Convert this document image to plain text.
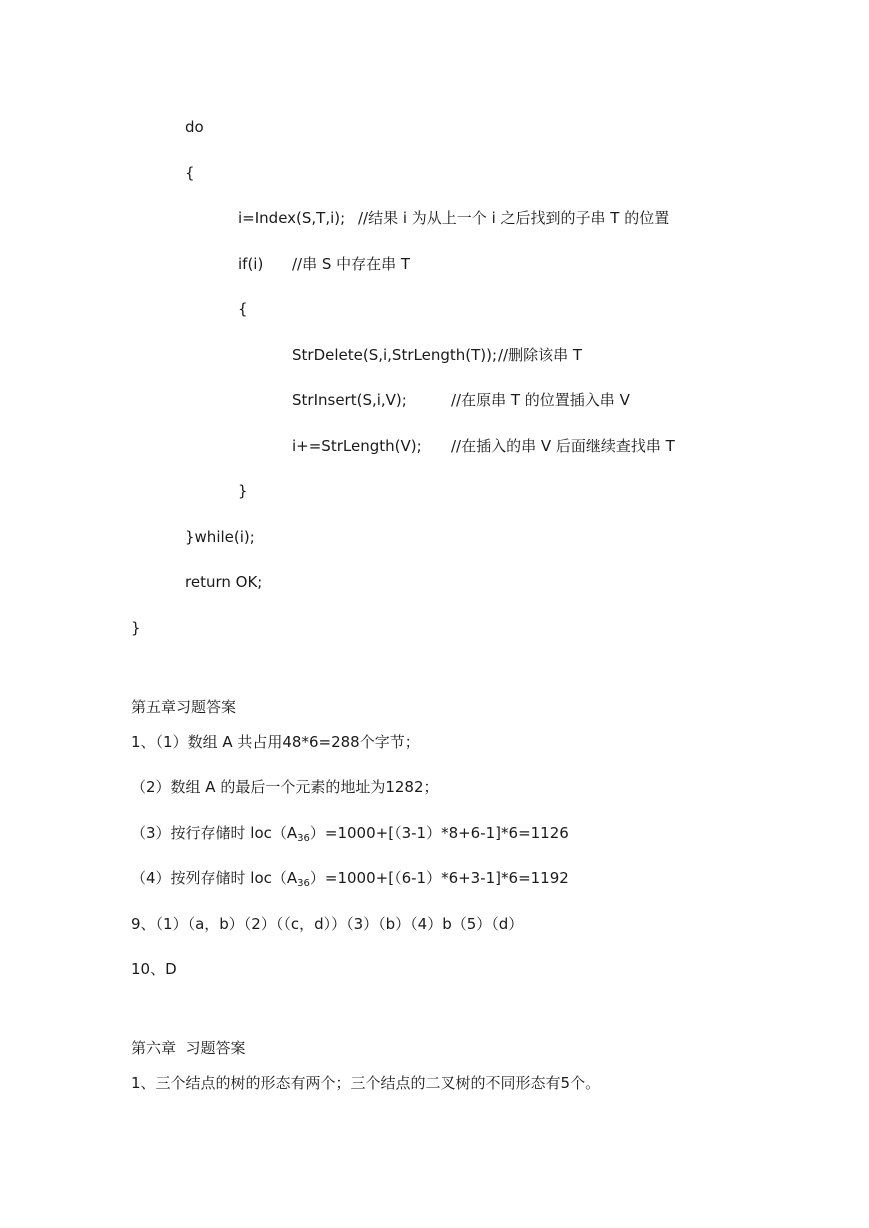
do
{
i=Index(S,T,i); //结果 i 为从上一个 i 之后找到的子串 T 的位置
if(i) //串 S 中存在串 T
{
StrDelete(S,i,StrLength(T)); //删除该串 T
StrInsert(S,i,V);	//在原串 T 的位置插入串 V
i+=StrLength(V); //在插入的串 V 后面继续查找串 T
}
}while(i);
return OK;
}
第五章习题答案
1、（1）数组 A 共占用48*6=288个字节；
（2）数组 A 的最后一个元素的地址为1282；
（3）按行存储时 $loc(A_{36})=1000+[(3-1)*8+6-1]*6=1126$
（4）按列存储时 $loc(A_{36})=1000+[(6-1)*6+3-1]*6=1192$
9、（1）（a，b）（2）（（c，d））（3）（b）（4）b（5）（d）
10、D
第六章  习题答案
1、三个结点的树的形态有两个；三个结点的二叉树的不同形态有5个。
